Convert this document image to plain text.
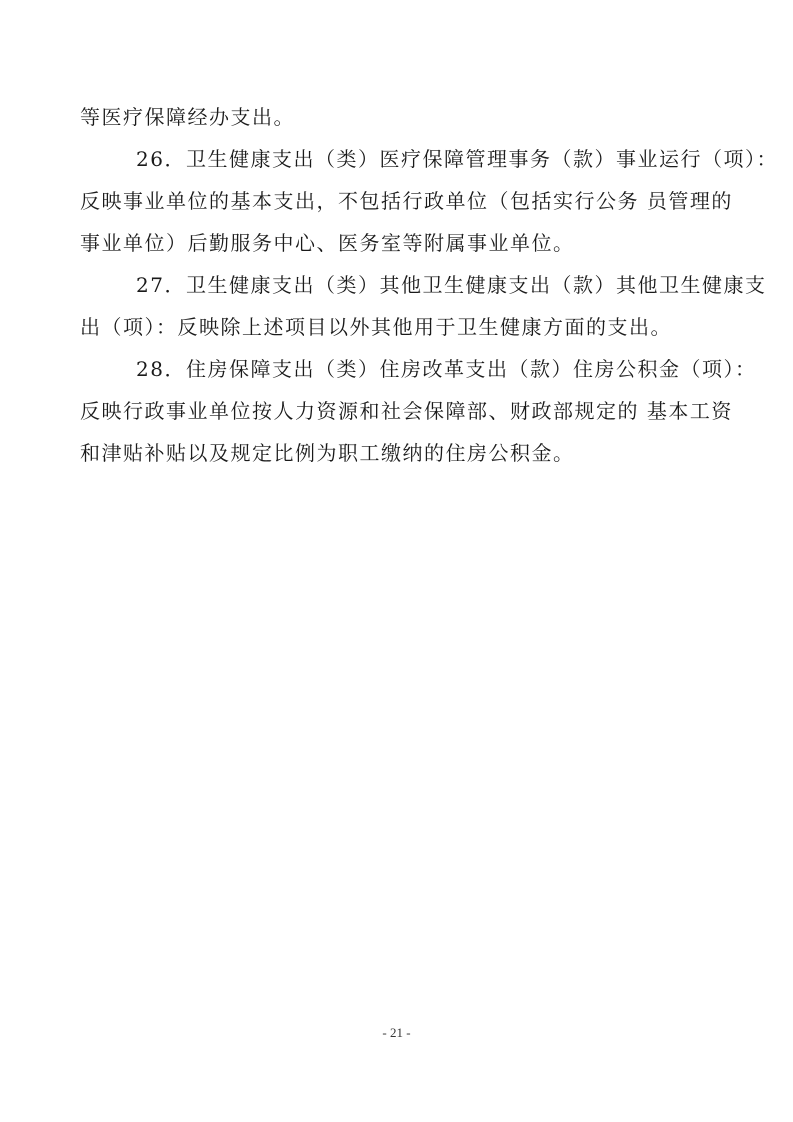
等医疗保障经办支出。
26．卫生健康支出（类）医疗保障管理事务（款）事业运行（项）：
反映事业单位的基本支出，不包括行政单位（包括实行公务 员管理的
事业单位）后勤服务中心、医务室等附属事业单位。
27．卫生健康支出（类）其他卫生健康支出（款）其他卫生健康支
出（项）：反映除上述项目以外其他用于卫生健康方面的支出。
28．住房保障支出（类）住房改革支出（款）住房公积金（项）：
反映行政事业单位按人力资源和社会保障部、财政部规定的 基本工资
和津贴补贴以及规定比例为职工缴纳的住房公积金。
- 21 -
